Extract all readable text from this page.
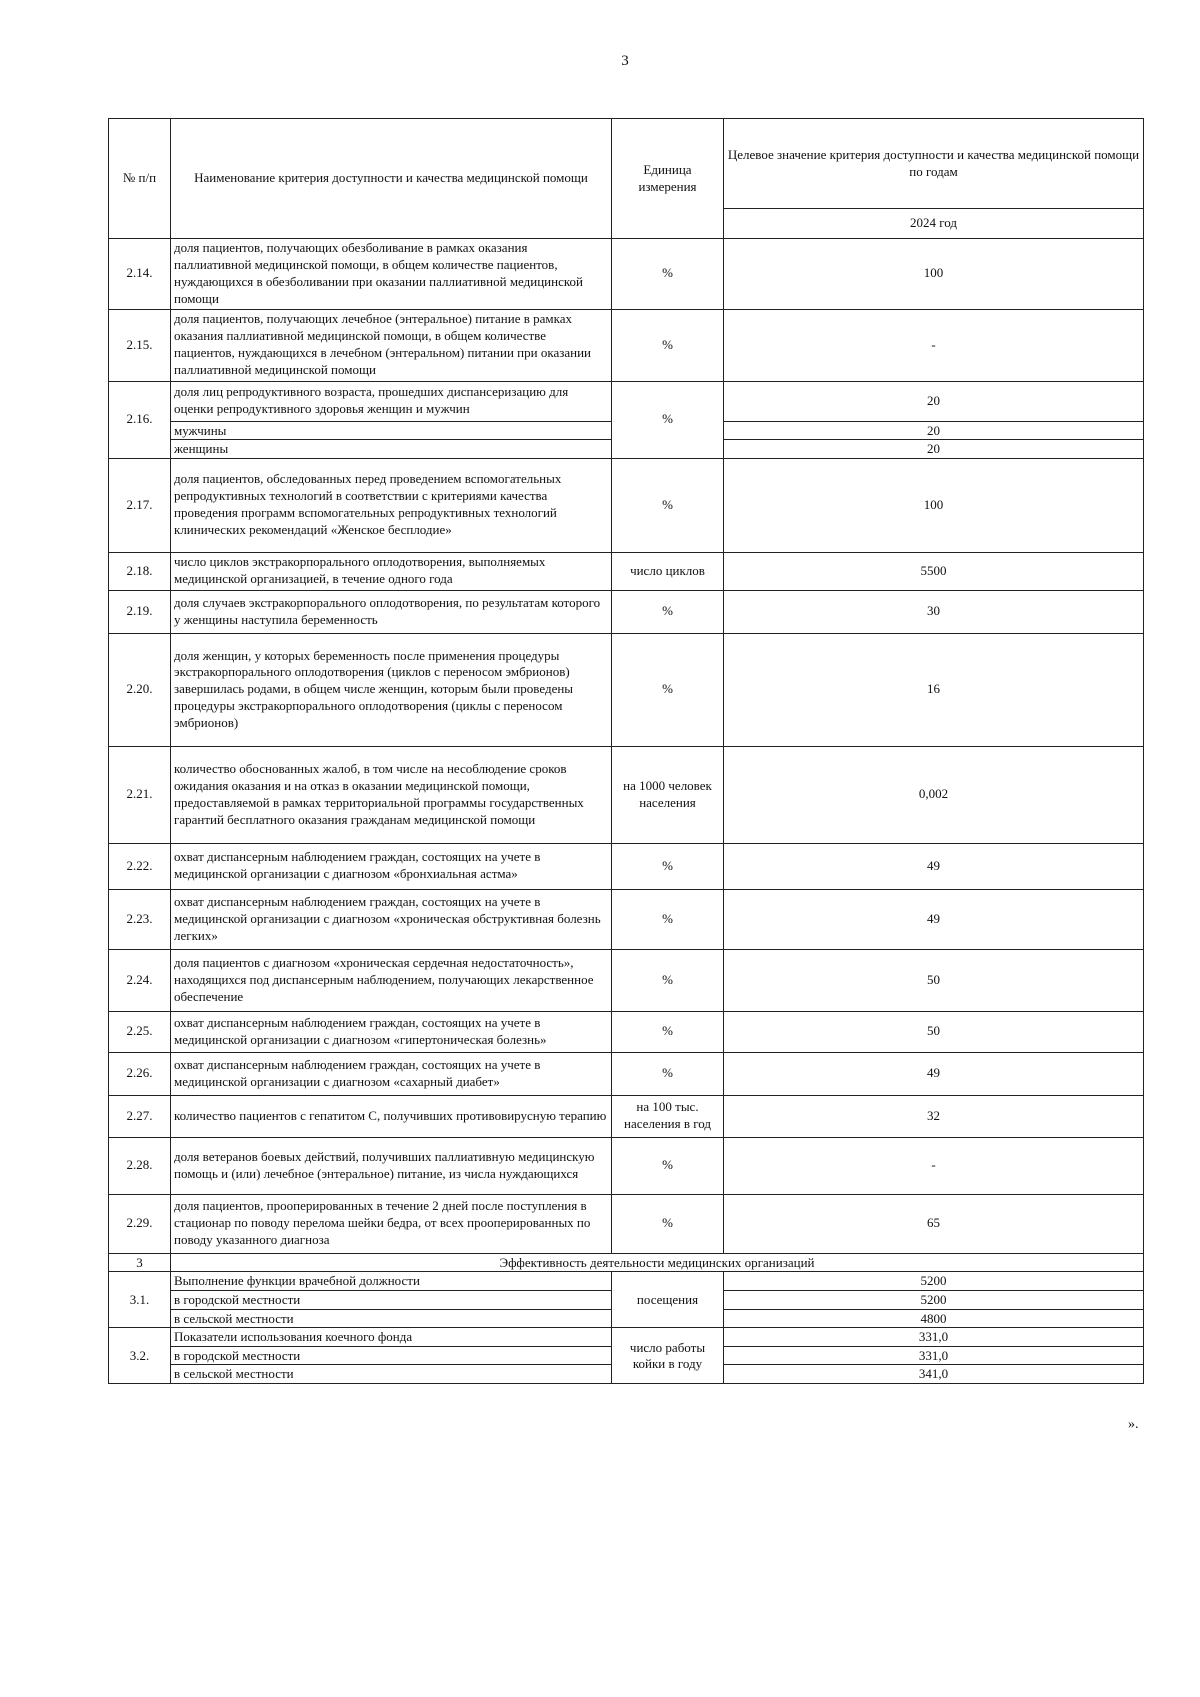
3
№ п/п	Наименование критерия доступности и качества медицинской помощи	Единица измерения	Целевое значение критерия доступности и качества медицинской помощи по годам
			2024 год
2.14.	доля пациентов, получающих обезболивание в рамках оказания паллиативной медицинской помощи, в общем количестве пациентов, нуждающихся в обезболивании при оказании паллиативной медицинской помощи	%	100
2.15.	доля пациентов, получающих лечебное (энтеральное) питание в рамках оказания паллиативной медицинской помощи, в общем количестве пациентов, нуждающихся в лечебном (энтеральном) питании при оказании паллиативной медицинской помощи	%	-
2.16.	доля лиц репродуктивного возраста, прошедших диспансеризацию для оценки репродуктивного здоровья женщин и мужчин	%	20
	мужчины		20
	женщины		20
2.17.	доля пациентов, обследованных перед проведением вспомогательных репродуктивных технологий в соответствии с критериями качества проведения программ вспомогательных репродуктивных технологий клинических рекомендаций «Женское бесплодие»	%	100
2.18.	число циклов экстракорпорального оплодотворения, выполняемых медицинской организацией, в течение одного года	число циклов	5500
2.19.	доля случаев экстракорпорального оплодотворения, по результатам которого у женщины наступила беременность	%	30
2.20.	доля женщин, у которых беременность после применения процедуры экстракорпорального оплодотворения (циклов с переносом эмбрионов) завершилась родами, в общем числе женщин, которым были проведены процедуры экстракорпорального оплодотворения (циклы с переносом эмбрионов)	%	16
2.21.	количество обоснованных жалоб, в том числе на несоблюдение сроков ожидания оказания и на отказ в оказании медицинской помощи, предоставляемой в рамках территориальной программы государственных гарантий бесплатного оказания гражданам медицинской помощи	на 1000 человек населения	0,002
2.22.	охват диспансерным наблюдением граждан, состоящих на учете в медицинской организации с диагнозом «бронхиальная астма»	%	49
2.23.	охват диспансерным наблюдением граждан, состоящих на учете в медицинской организации с диагнозом «хроническая обструктивная болезнь легких»	%	49
2.24.	доля пациентов с диагнозом «хроническая сердечная недостаточность», находящихся под диспансерным наблюдением, получающих лекарственное обеспечение	%	50
2.25.	охват диспансерным наблюдением граждан, состоящих на учете в медицинской организации с диагнозом «гипертоническая болезнь»	%	50
2.26.	охват диспансерным наблюдением граждан, состоящих на учете в медицинской организации с диагнозом «сахарный диабет»	%	49
2.27.	количество пациентов с гепатитом С, получивших противовирусную терапию	на 100 тыс. населения в год	32
2.28.	доля ветеранов боевых действий, получивших паллиативную медицинскую помощь и (или) лечебное (энтеральное) питание, из числа нуждающихся	%	-
2.29.	доля пациентов, прооперированных в течение 2 дней после поступления в стационар по поводу перелома шейки бедра, от всех прооперированных по поводу указанного диагноза	%	65
3	Эффективность деятельности медицинских организаций		
3.1.	Выполнение функции врачебной должности	посещения	5200
	в городской местности		5200
	в сельской местности		4800
3.2.	Показатели использования коечного фонда	число работы койки в году	331,0
	в городской местности		331,0
	в сельской местности		341,0
».
